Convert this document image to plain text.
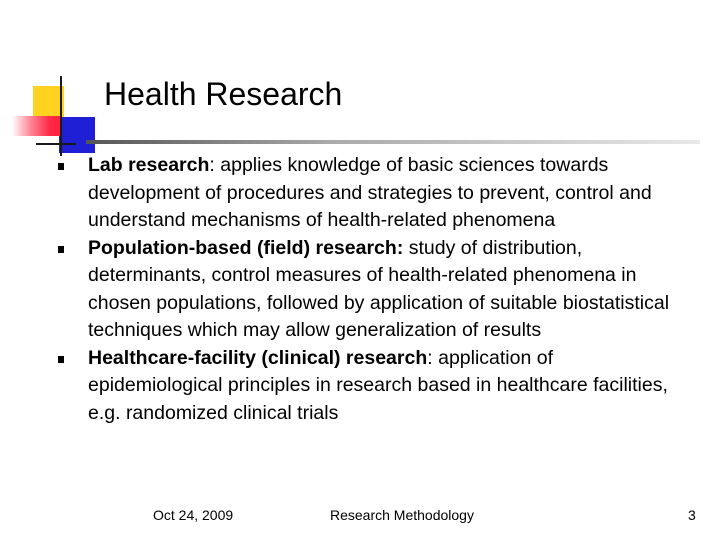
Health Research
Lab research: applies knowledge of basic sciences towards development of procedures and strategies to prevent, control and understand mechanisms of health-related phenomena
Population-based (field) research: study of distribution, determinants, control measures of health-related phenomena in chosen populations, followed by application of suitable biostatistical techniques which may allow generalization of results
Healthcare-facility (clinical) research: application of epidemiological principles in research based in healthcare facilities, e.g. randomized clinical trials
Oct 24, 2009	Research Methodology	3
